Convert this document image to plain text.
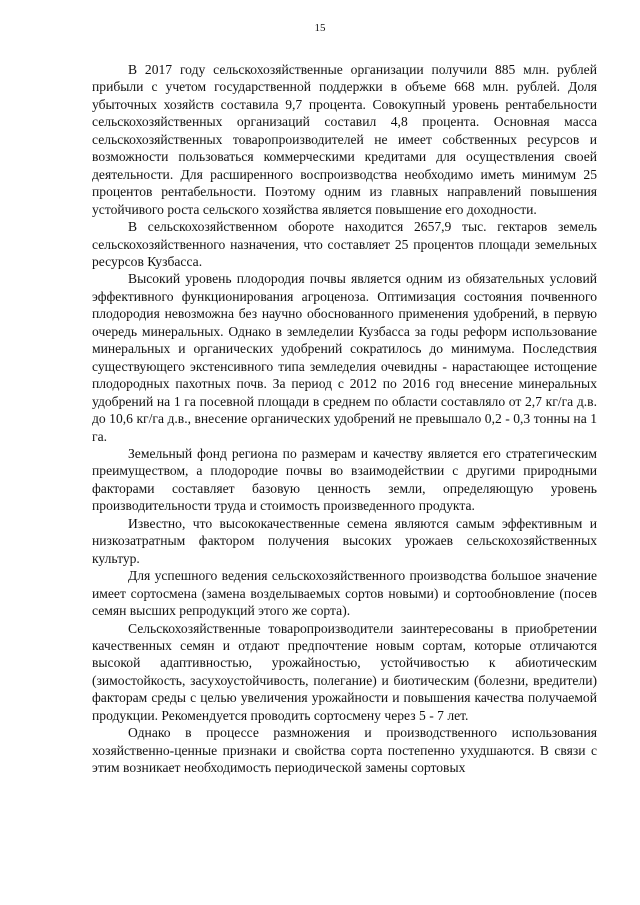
15

В 2017 году сельскохозяйственные организации получили 885 млн. рублей прибыли с учетом государственной поддержки в объеме 668 млн. рублей. Доля убыточных хозяйств составила 9,7 процента. Совокупный уровень рентабельности сельскохозяйственных организаций составил 4,8 процента. Основная масса сельскохозяйственных товаропроизводителей не имеет собственных ресурсов и возможности пользоваться коммерческими кредитами для осуществления своей деятельности. Для расширенного воспроизводства необходимо иметь минимум 25 процентов рентабельности. Поэтому одним из главных направлений повышения устойчивого роста сельского хозяйства является повышение его доходности.

В сельскохозяйственном обороте находится 2657,9 тыс. гектаров земель сельскохозяйственного назначения, что составляет 25 процентов площади земельных ресурсов Кузбасса.

Высокий уровень плодородия почвы является одним из обязательных условий эффективного функционирования агроценоза. Оптимизация состояния почвенного плодородия невозможна без научно обоснованного применения удобрений, в первую очередь минеральных. Однако в земледелии Кузбасса за годы реформ использование минеральных и органических удобрений сократилось до минимума. Последствия существующего экстенсивного типа земледелия очевидны - нарастающее истощение плодородных пахотных почв. За период с 2012 по 2016 год внесение минеральных удобрений на 1 га посевной площади в среднем по области составляло от 2,7 кг/га д.в. до 10,6 кг/га д.в., внесение органических удобрений не превышало 0,2 - 0,3 тонны на 1 га.

Земельный фонд региона по размерам и качеству является его стратегическим преимуществом, а плодородие почвы во взаимодействии с другими природными факторами составляет базовую ценность земли, определяющую уровень производительности труда и стоимость произведенного продукта.

Известно, что высококачественные семена являются самым эффективным и низкозатратным фактором получения высоких урожаев сельскохозяйственных культур.

Для успешного ведения сельскохозяйственного производства большое значение имеет сортосмена (замена возделываемых сортов новыми) и сортообновление (посев семян высших репродукций этого же сорта).

Сельскохозяйственные товаропроизводители заинтересованы в приобретении качественных семян и отдают предпочтение новым сортам, которые отличаются высокой адаптивностью, урожайностью, устойчивостью к абиотическим (зимостойкость, засухоустойчивость, полегание) и биотическим (болезни, вредители) факторам среды с целью увеличения урожайности и повышения качества получаемой продукции. Рекомендуется проводить сортосмену через 5 - 7 лет.

Однако в процессе размножения и производственного использования хозяйственно-ценные признаки и свойства сорта постепенно ухудшаются. В связи с этим возникает необходимость периодической замены сортовых
